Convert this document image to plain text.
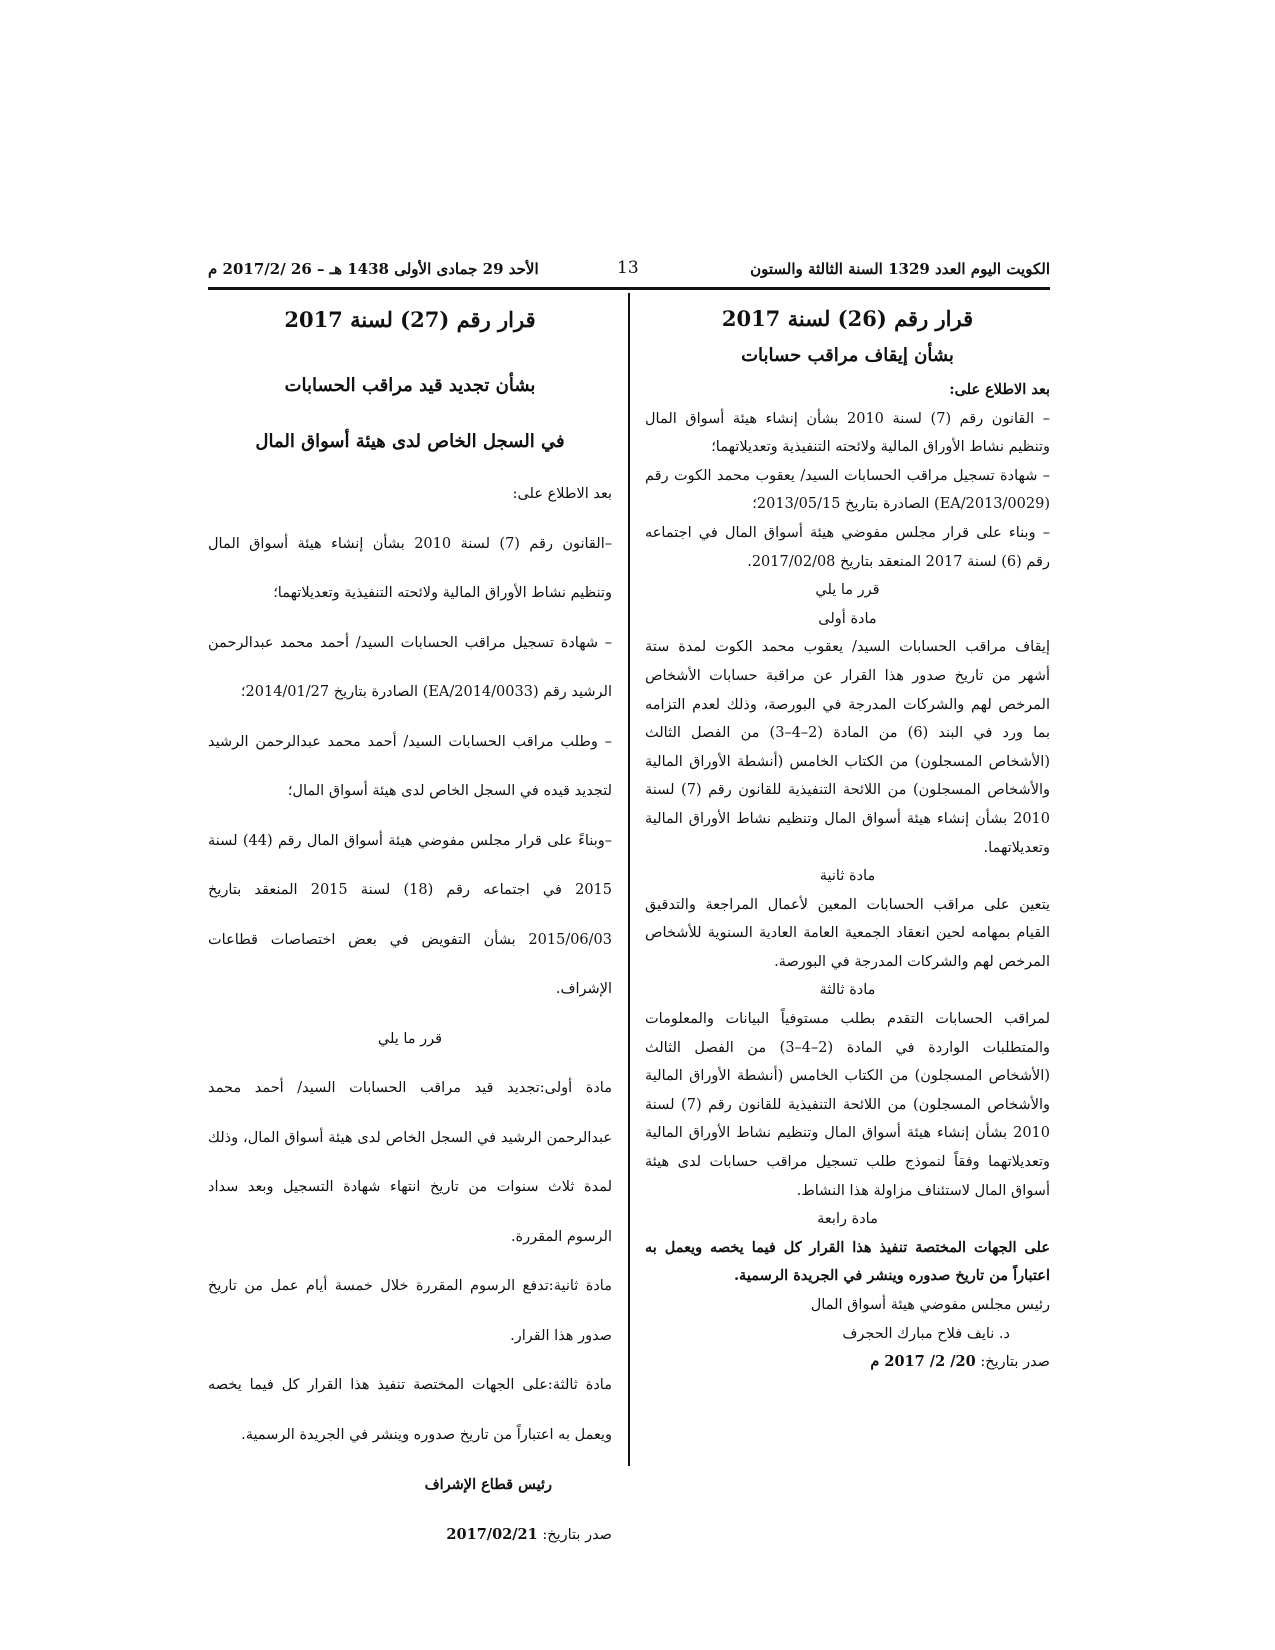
الكويت اليوم العدد 1329 السنة الثالثة والستون
13
الأحد 29 جمادى الأولى 1438 هـ – 26 /2017/2 م

قرار رقم (26) لسنة 2017

بشأن إيقاف مراقب حسابات

بعد الاطلاع على:

– القانون رقم (7) لسنة 2010 بشأن إنشاء هيئة أسواق المال وتنظيم نشاط الأوراق المالية ولائحته التنفيذية وتعديلاتهما؛

– شهادة تسجيل مراقب الحسابات السيد/ يعقوب محمد الكوت رقم (EA/2013/0029) الصادرة بتاريخ 2013/05/15؛

– وبناء على قرار مجلس مفوضي هيئة أسواق المال في اجتماعه رقم (6) لسنة 2017 المنعقد بتاريخ 2017/02/08.

قرر ما يلي

مادة أولى

إيقاف مراقب الحسابات السيد/ يعقوب محمد الكوت لمدة ستة أشهر من تاريخ صدور هذا القرار عن مراقبة حسابات الأشخاص المرخص لهم والشركات المدرجة في البورصة، وذلك لعدم التزامه بما ورد في البند (6) من المادة (2–4–3) من الفصل الثالث (الأشخاص المسجلون) من الكتاب الخامس (أنشطة الأوراق المالية والأشخاص المسجلون) من اللائحة التنفيذية للقانون رقم (7) لسنة 2010 بشأن إنشاء هيئة أسواق المال وتنظيم نشاط الأوراق المالية وتعديلاتهما.

مادة ثانية

يتعين على مراقب الحسابات المعين لأعمال المراجعة والتدقيق القيام بمهامه لحين انعقاد الجمعية العامة العادية السنوية للأشخاص المرخص لهم والشركات المدرجة في البورصة.

مادة ثالثة

لمراقب الحسابات التقدم بطلب مستوفياً البيانات والمعلومات والمتطلبات الواردة في المادة (2–4–3) من الفصل الثالث (الأشخاص المسجلون) من الكتاب الخامس (أنشطة الأوراق المالية والأشخاص المسجلون) من اللائحة التنفيذية للقانون رقم (7) لسنة 2010 بشأن إنشاء هيئة أسواق المال وتنظيم نشاط الأوراق المالية وتعديلاتهما وفقاً لنموذج طلب تسجيل مراقب حسابات لدى هيئة أسواق المال لاستئناف مزاولة هذا النشاط.

مادة رابعة

على الجهات المختصة تنفيذ هذا القرار كل فيما يخصه ويعمل به اعتباراً من تاريخ صدوره وينشر في الجريدة الرسمية.

رئيس مجلس مفوضي هيئة أسواق المال

د. نايف فلاح مبارك الحجرف

صدر بتاريخ: 20/ 2/ 2017 م

قرار رقم (27) لسنة 2017

بشأن تجديد قيد مراقب الحسابات

في السجل الخاص لدى هيئة أسواق المال

بعد الاطلاع على:

–القانون رقم (7) لسنة 2010 بشأن إنشاء هيئة أسواق المال وتنظيم نشاط الأوراق المالية ولائحته التنفيذية وتعديلاتهما؛

– شهادة تسجيل مراقب الحسابات السيد/ أحمد محمد عبدالرحمن الرشيد رقم (EA/2014/0033) الصادرة بتاريخ 2014/01/27؛

– وطلب مراقب الحسابات السيد/ أحمد محمد عبدالرحمن الرشيد لتجديد قيده في السجل الخاص لدى هيئة أسواق المال؛

–وبناءً على قرار مجلس مفوضي هيئة أسواق المال رقم (44) لسنة 2015 في اجتماعه رقم (18) لسنة 2015 المنعقد بتاريخ 2015/06/03 بشأن التفويض في بعض اختصاصات قطاعات الإشراف.

قرر ما يلي

مادة أولى:تجديد قيد مراقب الحسابات السيد/ أحمد محمد عبدالرحمن الرشيد في السجل الخاص لدى هيئة أسواق المال، وذلك لمدة ثلاث سنوات من تاريخ انتهاء شهادة التسجيل وبعد سداد الرسوم المقررة.

مادة ثانية:تدفع الرسوم المقررة خلال خمسة أيام عمل من تاريخ صدور هذا القرار.

مادة ثالثة:على الجهات المختصة تنفيذ هذا القرار كل فيما يخصه ويعمل به اعتباراً من تاريخ صدوره وينشر في الجريدة الرسمية.

رئيس قطاع الإشراف

صدر بتاريخ: 2017/02/21
